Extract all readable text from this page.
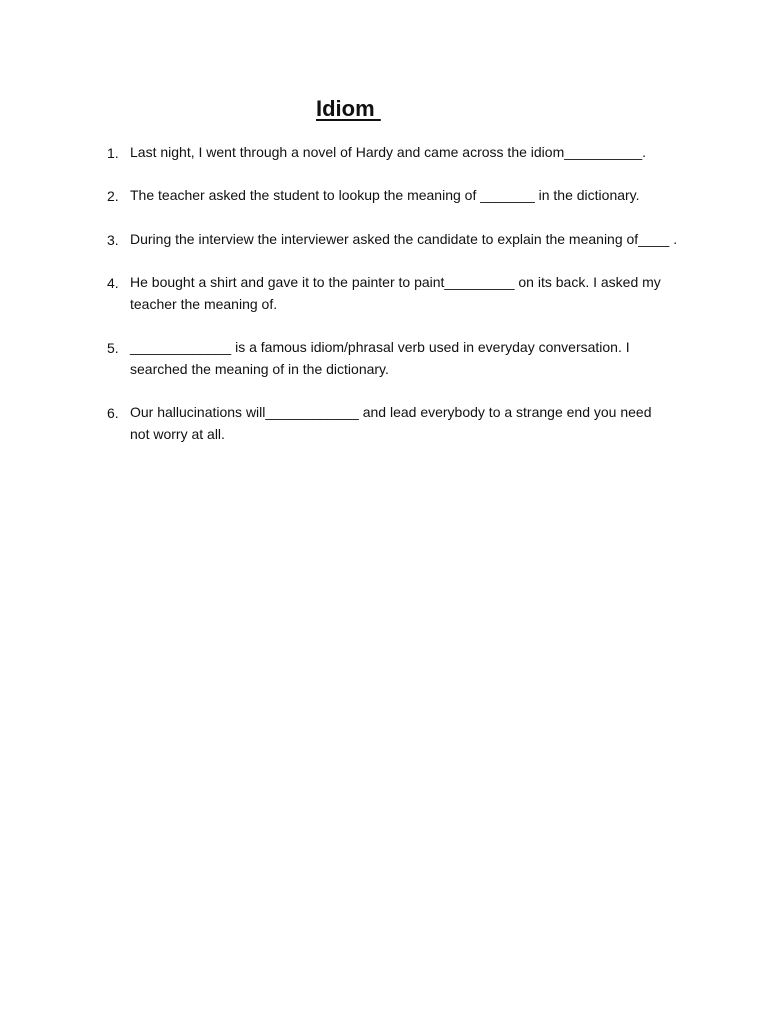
Idiom
1. Last night, I went through a novel of Hardy and came across the idiom__________.
2. The teacher asked the student to lookup the meaning of _______ in the dictionary.
3. During the interview the interviewer asked the candidate to explain the meaning of____ .
4. He bought a shirt and gave it to the painter to paint_________ on its back. I asked my teacher the meaning of.
5. _____________ is a famous idiom/phrasal verb used in everyday conversation. I searched the meaning of in the dictionary.
6. Our hallucinations will____________ and lead everybody to a strange end you need not worry at all.
